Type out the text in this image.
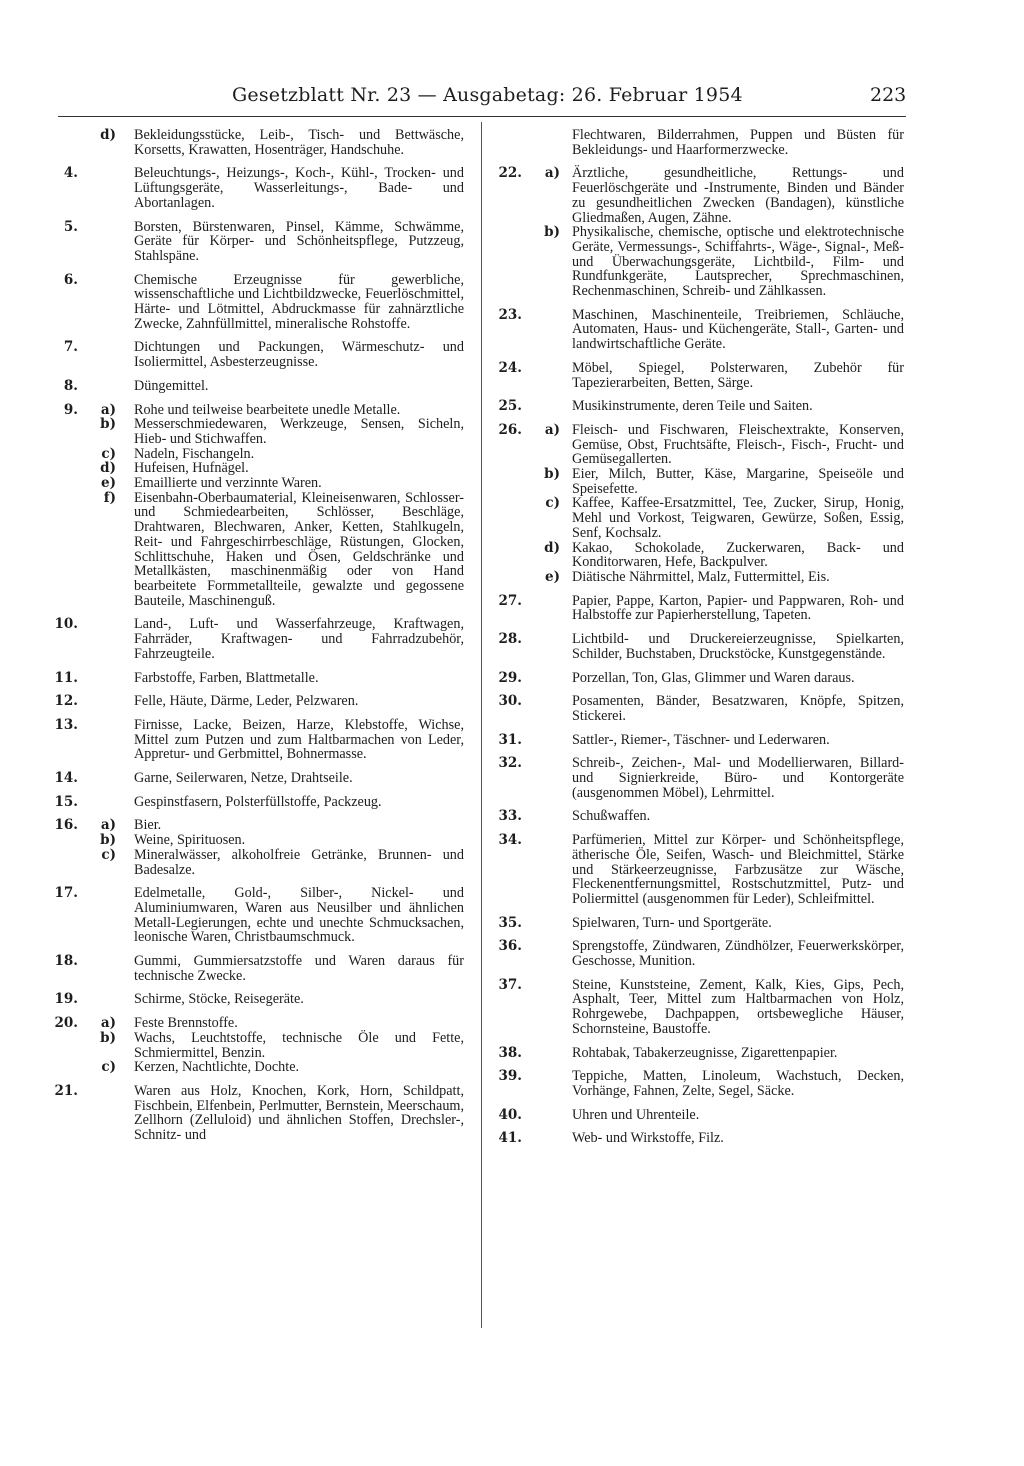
Gesetzblatt Nr. 23 — Ausgabetag: 26. Februar 1954	223
d) Bekleidungsstücke, Leib-, Tisch- und Bettwäsche, Korsetts, Krawatten, Hosenträger, Handschuhe.
4.	Beleuchtungs-, Heizungs-, Koch-, Kühl-, Trocken- und Lüftungsgeräte, Wasserleitungs-, Bade- und Abortanlagen.
5.	Borsten, Bürstenwaren, Pinsel, Kämme, Schwämme, Geräte für Körper- und Schönheitspflege, Putzzeug, Stahlspäne.
6.	Chemische Erzeugnisse für gewerbliche, wissenschaftliche und Lichtbildzwecke, Feuerlöschmittel, Härte- und Lötmittel, Abdruckmasse für zahnärztliche Zwecke, Zahnfüllmittel, mineralische Rohstoffe.
7.	Dichtungen und Packungen, Wärmeschutz- und Isoliermittel, Asbesterzeugnisse.
8.	Düngemittel.
9.	a) Rohe und teilweise bearbeitete unedle Metalle.
b) Messerschmiedewaren, Werkzeuge, Sensen, Sicheln, Hieb- und Stichwaffen.
c) Nadeln, Fischangeln.
d) Hufeisen, Hufnägel.
e) Emaillierte und verzinnte Waren.
f) Eisenbahn-Oberbaumaterial, Kleineisenwaren, Schlosser- und Schmiedearbeiten, Schlösser, Beschläge, Drahtwaren, Blechwaren, Anker, Ketten, Stahlkugeln, Reit- und Fahrgeschirrbeschläge, Rüstungen, Glocken, Schlittschuhe, Haken und Ösen, Geldschränke und Metallkästen, maschinenmäßig oder von Hand bearbeitete Formmetallteile, gewalzte und gegossene Bauteile, Maschinenguß.
10.	Land-, Luft- und Wasserfahrzeuge, Kraftwagen, Fahrräder, Kraftwagen- und Fahrradzubehör, Fahrzeugteile.
11.	Farbstoffe, Farben, Blattmetalle.
12.	Felle, Häute, Därme, Leder, Pelzwaren.
13.	Firnisse, Lacke, Beizen, Harze, Klebstoffe, Wichse, Mittel zum Putzen und zum Haltbarmachen von Leder, Appretur- und Gerbmittel, Bohnermasse.
14.	Garne, Seilerwaren, Netze, Drahtseile.
15.	Gespinstfasern, Polsterfüllstoffe, Packzeug.
16.	a) Bier.
b) Weine, Spirituosen.
c) Mineralwässer, alkoholfreie Getränke, Brunnen- und Badesalze.
17.	Edelmetalle, Gold-, Silber-, Nickel- und Aluminiumwaren, Waren aus Neusilber und ähnlichen Metall-Legierungen, echte und unechte Schmucksachen, leonische Waren, Christbaumschmuck.
18.	Gummi, Gummiersatzstoffe und Waren daraus für technische Zwecke.
19.	Schirme, Stöcke, Reisegeräte.
20.	a) Feste Brennstoffe.
b) Wachs, Leuchtstoffe, technische Öle und Fette, Schmiermittel, Benzin.
c) Kerzen, Nachtlichte, Dochte.
21.	Waren aus Holz, Knochen, Kork, Horn, Schildpatt, Fischbein, Elfenbein, Perlmutter, Bernstein, Meerschaum, Zellhorn (Zelluloid) und ähnlichen Stoffen, Drechsler-, Schnitz- und
Flechtwaren, Bilderrahmen, Puppen und Büsten für Bekleidungs- und Haarformerzwecke.
22.	a) Ärztliche, gesundheitliche, Rettungs- und Feuerlöschgeräte und -Instrumente, Binden und Bänder zu gesundheitlichen Zwecken (Bandagen), künstliche Gliedmaßen, Augen, Zähne.
b) Physikalische, chemische, optische und elektrotechnische Geräte, Vermessungs-, Schiffahrts-, Wäge-, Signal-, Meß- und Überwachungsgeräte, Lichtbild-, Film- und Rundfunkgeräte, Lautsprecher, Sprechmaschinen, Rechenmaschinen, Schreib- und Zählkassen.
23.	Maschinen, Maschinenteile, Treibriemen, Schläuche, Automaten, Haus- und Küchengeräte, Stall-, Garten- und landwirtschaftliche Geräte.
24.	Möbel, Spiegel, Polsterwaren, Zubehör für Tapezierarbeiten, Betten, Särge.
25.	Musikinstrumente, deren Teile und Saiten.
26.	a) Fleisch- und Fischwaren, Fleischextrakte, Konserven, Gemüse, Obst, Fruchtsäfte, Fleisch-, Fisch-, Frucht- und Gemüsegallerten.
b) Eier, Milch, Butter, Käse, Margarine, Speiseöle und Speisefette.
c) Kaffee, Kaffee-Ersatzmittel, Tee, Zucker, Sirup, Honig, Mehl und Vorkost, Teigwaren, Gewürze, Soßen, Essig, Senf, Kochsalz.
d) Kakao, Schokolade, Zuckerwaren, Back- und Konditorwaren, Hefe, Backpulver.
e) Diätische Nährmittel, Malz, Futtermittel, Eis.
27.	Papier, Pappe, Karton, Papier- und Pappwaren, Roh- und Halbstoffe zur Papierherstellung, Tapeten.
28.	Lichtbild- und Druckereierzeugnisse, Spielkarten, Schilder, Buchstaben, Druckstöcke, Kunstgegenstände.
29.	Porzellan, Ton, Glas, Glimmer und Waren daraus.
30.	Posamenten, Bänder, Besatzwaren, Knöpfe, Spitzen, Stickerei.
31.	Sattler-, Riemer-, Täschner- und Lederwaren.
32.	Schreib-, Zeichen-, Mal- und Modellierwaren, Billard- und Signierkreide, Büro- und Kontorgeräte (ausgenommen Möbel), Lehrmittel.
33.	Schußwaffen.
34.	Parfümerien, Mittel zur Körper- und Schönheitspflege, ätherische Öle, Seifen, Wasch- und Bleichmittel, Stärke und Stärkeerzeugnisse, Farbzusätze zur Wäsche, Fleckenentfernungsmittel, Rostschutzmittel, Putz- und Poliermittel (ausgenommen für Leder), Schleifmittel.
35.	Spielwaren, Turn- und Sportgeräte.
36.	Sprengstoffe, Zündwaren, Zündhölzer, Feuerwerkskörper, Geschosse, Munition.
37.	Steine, Kunststeine, Zement, Kalk, Kies, Gips, Pech, Asphalt, Teer, Mittel zum Haltbarmachen von Holz, Rohrgewebe, Dachpappen, ortsbewegliche Häuser, Schornsteine, Baustoffe.
38.	Rohtabak, Tabakerzeugnisse, Zigarettenpapier.
39.	Teppiche, Matten, Linoleum, Wachstuch, Decken, Vorhänge, Fahnen, Zelte, Segel, Säcke.
40.	Uhren und Uhrenteile.
41.	Web- und Wirkstoffe, Filz.
